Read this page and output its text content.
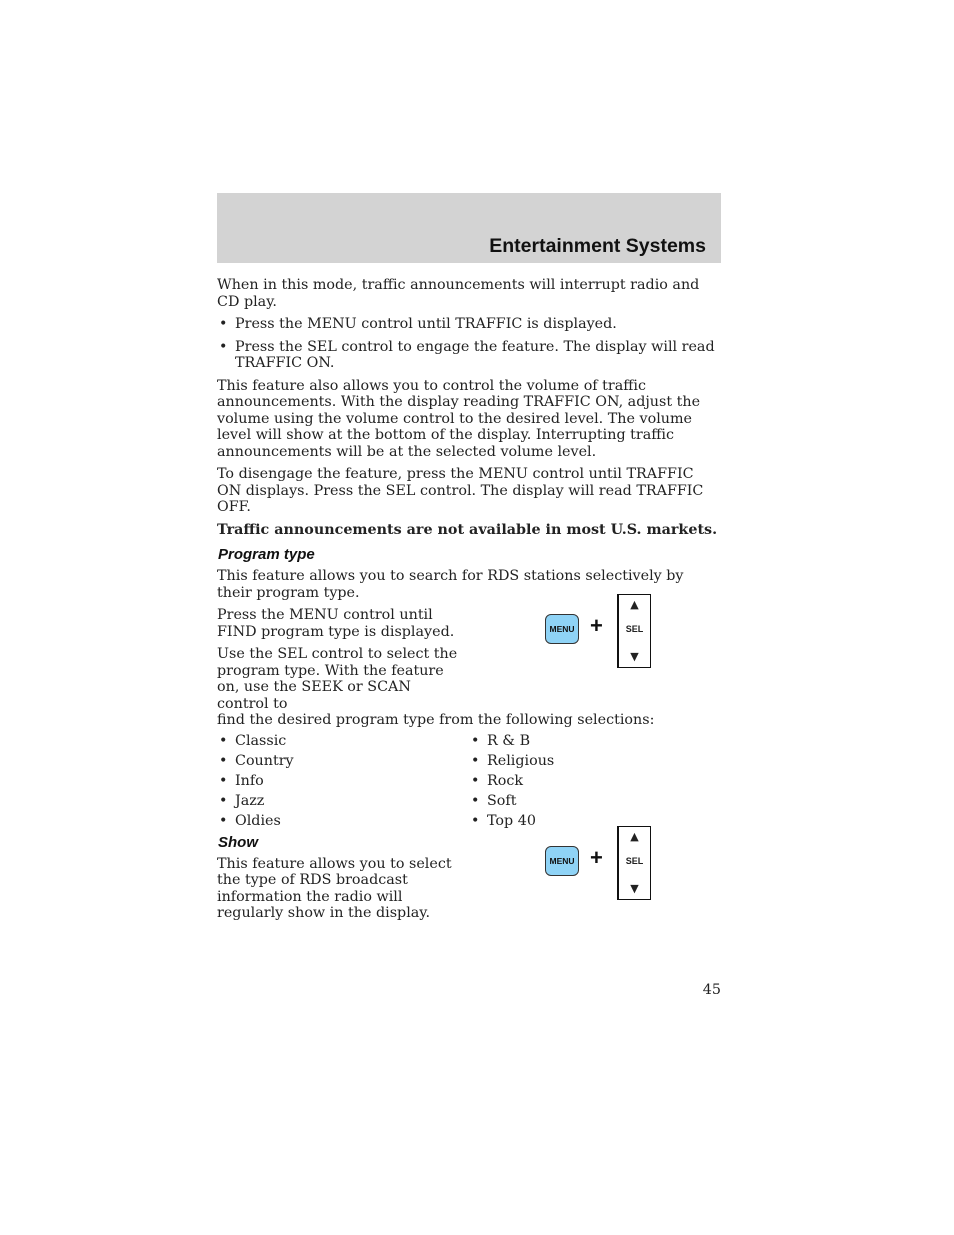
Entertainment Systems

When in this mode, traffic announcements will interrupt radio and CD play.

• Press the MENU control until TRAFFIC is displayed.
• Press the SEL control to engage the feature. The display will read TRAFFIC ON.

This feature also allows you to control the volume of traffic announcements. With the display reading TRAFFIC ON, adjust the volume using the volume control to the desired level. The volume level will show at the bottom of the display. Interrupting traffic announcements will be at the selected volume level.

To disengage the feature, press the MENU control until TRAFFIC ON displays. Press the SEL control. The display will read TRAFFIC OFF.

Traffic announcements are not available in most U.S. markets.

Program type

This feature allows you to search for RDS stations selectively by their program type.

Press the MENU control until FIND program type is displayed.

Use the SEL control to select the program type. With the feature on, use the SEEK or SCAN control to
find the desired program type from the following selections:

• Classic
• Country
• Info
• Jazz
• Oldies
• R & B
• Religious
• Rock
• Soft
• Top 40
Show

This feature allows you to select the type of RDS broadcast information the radio will regularly show in the display.

MENU +
▲
SEL
▼
MENU +
▲
SEL
▼
45
